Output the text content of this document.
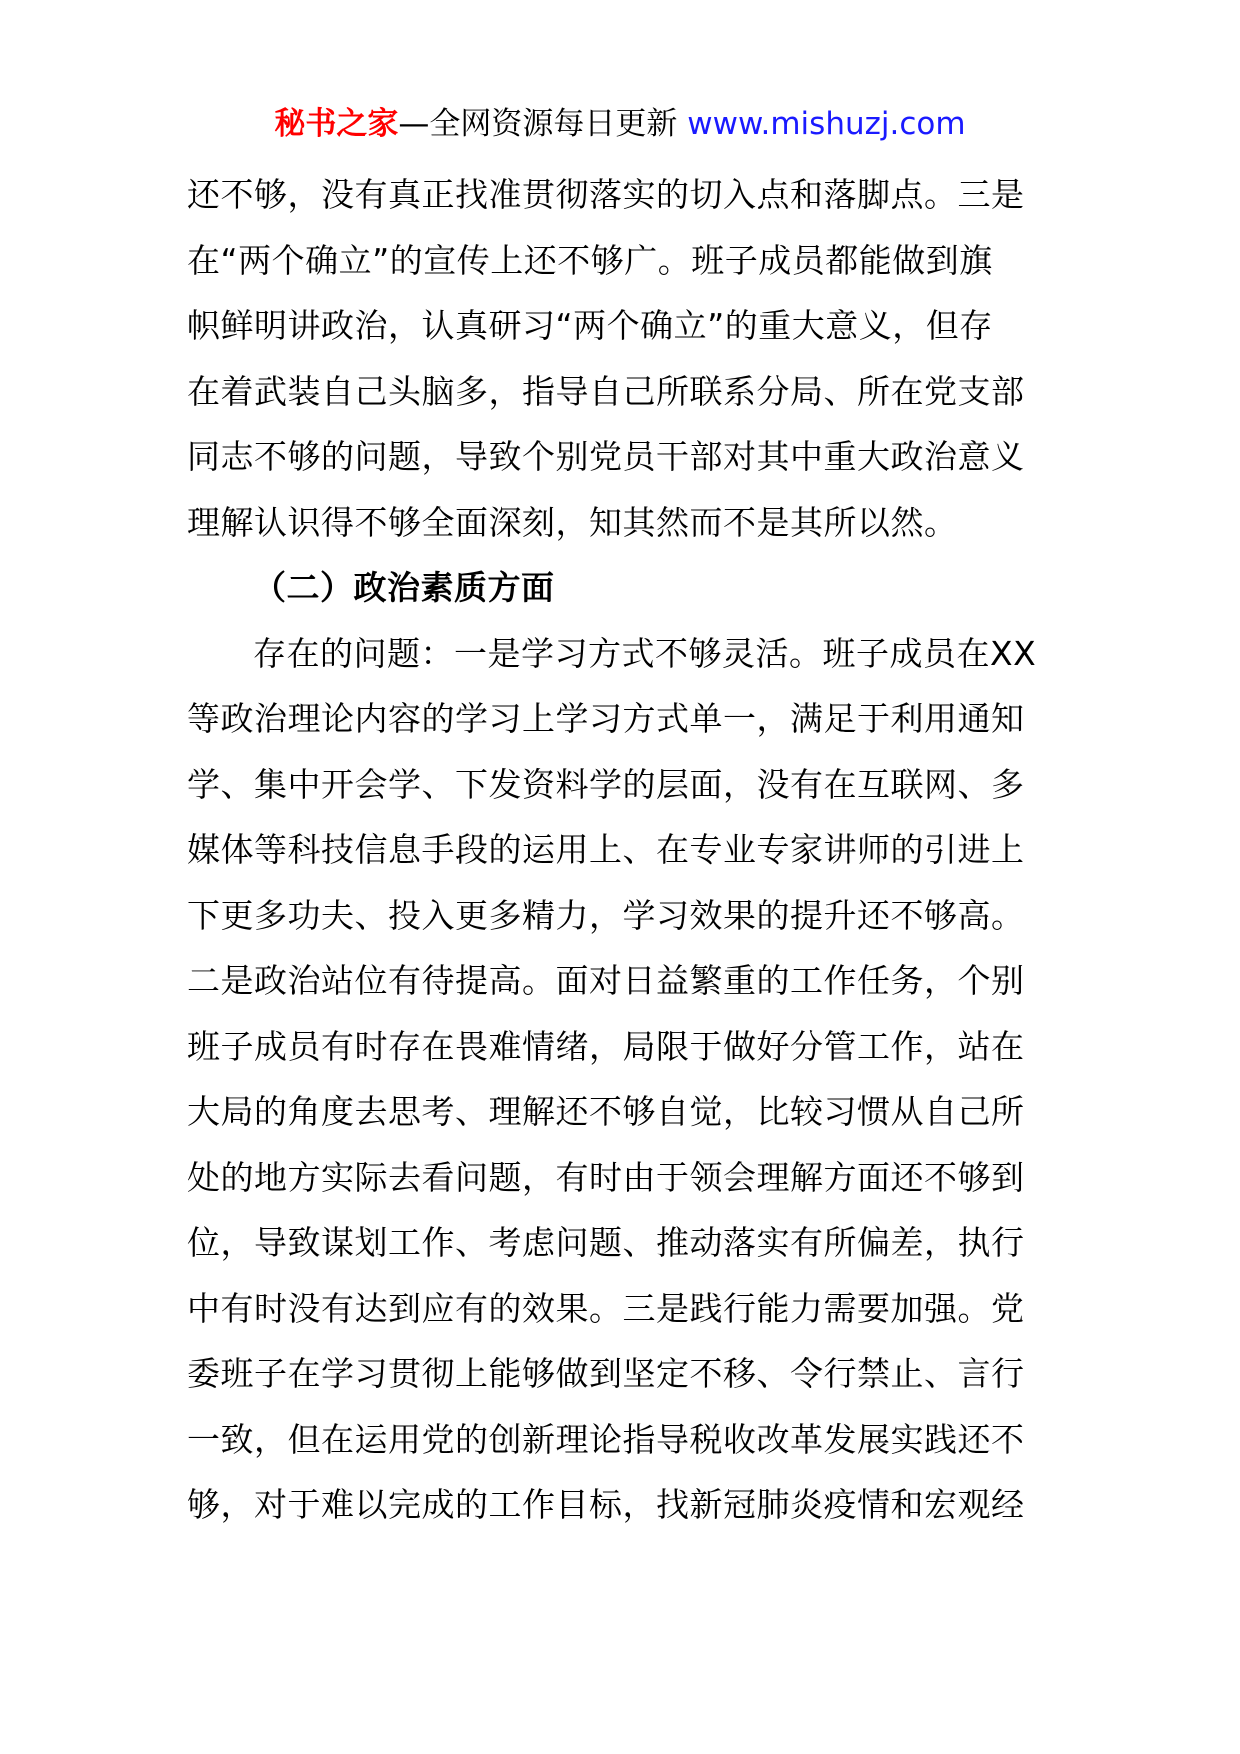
秘书之家—全网资源每日更新 www.mishuzj.com
还不够，没有真正找准贯彻落实的切入点和落脚点。三是
在“两个确立”的宣传上还不够广。班子成员都能做到旗
帜鲜明讲政治，认真研习“两个确立”的重大意义，但存
在着武装自己头脑多，指导自己所联系分局、所在党支部
同志不够的问题，导致个别党员干部对其中重大政治意义
理解认识得不够全面深刻，知其然而不是其所以然。
（二）政治素质方面
存在的问题：一是学习方式不够灵活。班子成员在XX
等政治理论内容的学习上学习方式单一，满足于利用通知
学、集中开会学、下发资料学的层面，没有在互联网、多
媒体等科技信息手段的运用上、在专业专家讲师的引进上
下更多功夫、投入更多精力，学习效果的提升还不够高。
二是政治站位有待提高。面对日益繁重的工作任务，个别
班子成员有时存在畏难情绪，局限于做好分管工作，站在
大局的角度去思考、理解还不够自觉，比较习惯从自己所
处的地方实际去看问题，有时由于领会理解方面还不够到
位，导致谋划工作、考虑问题、推动落实有所偏差，执行
中有时没有达到应有的效果。三是践行能力需要加强。党
委班子在学习贯彻上能够做到坚定不移、令行禁止、言行
一致，但在运用党的创新理论指导税收改革发展实践还不
够，对于难以完成的工作目标，找新冠肺炎疫情和宏观经
